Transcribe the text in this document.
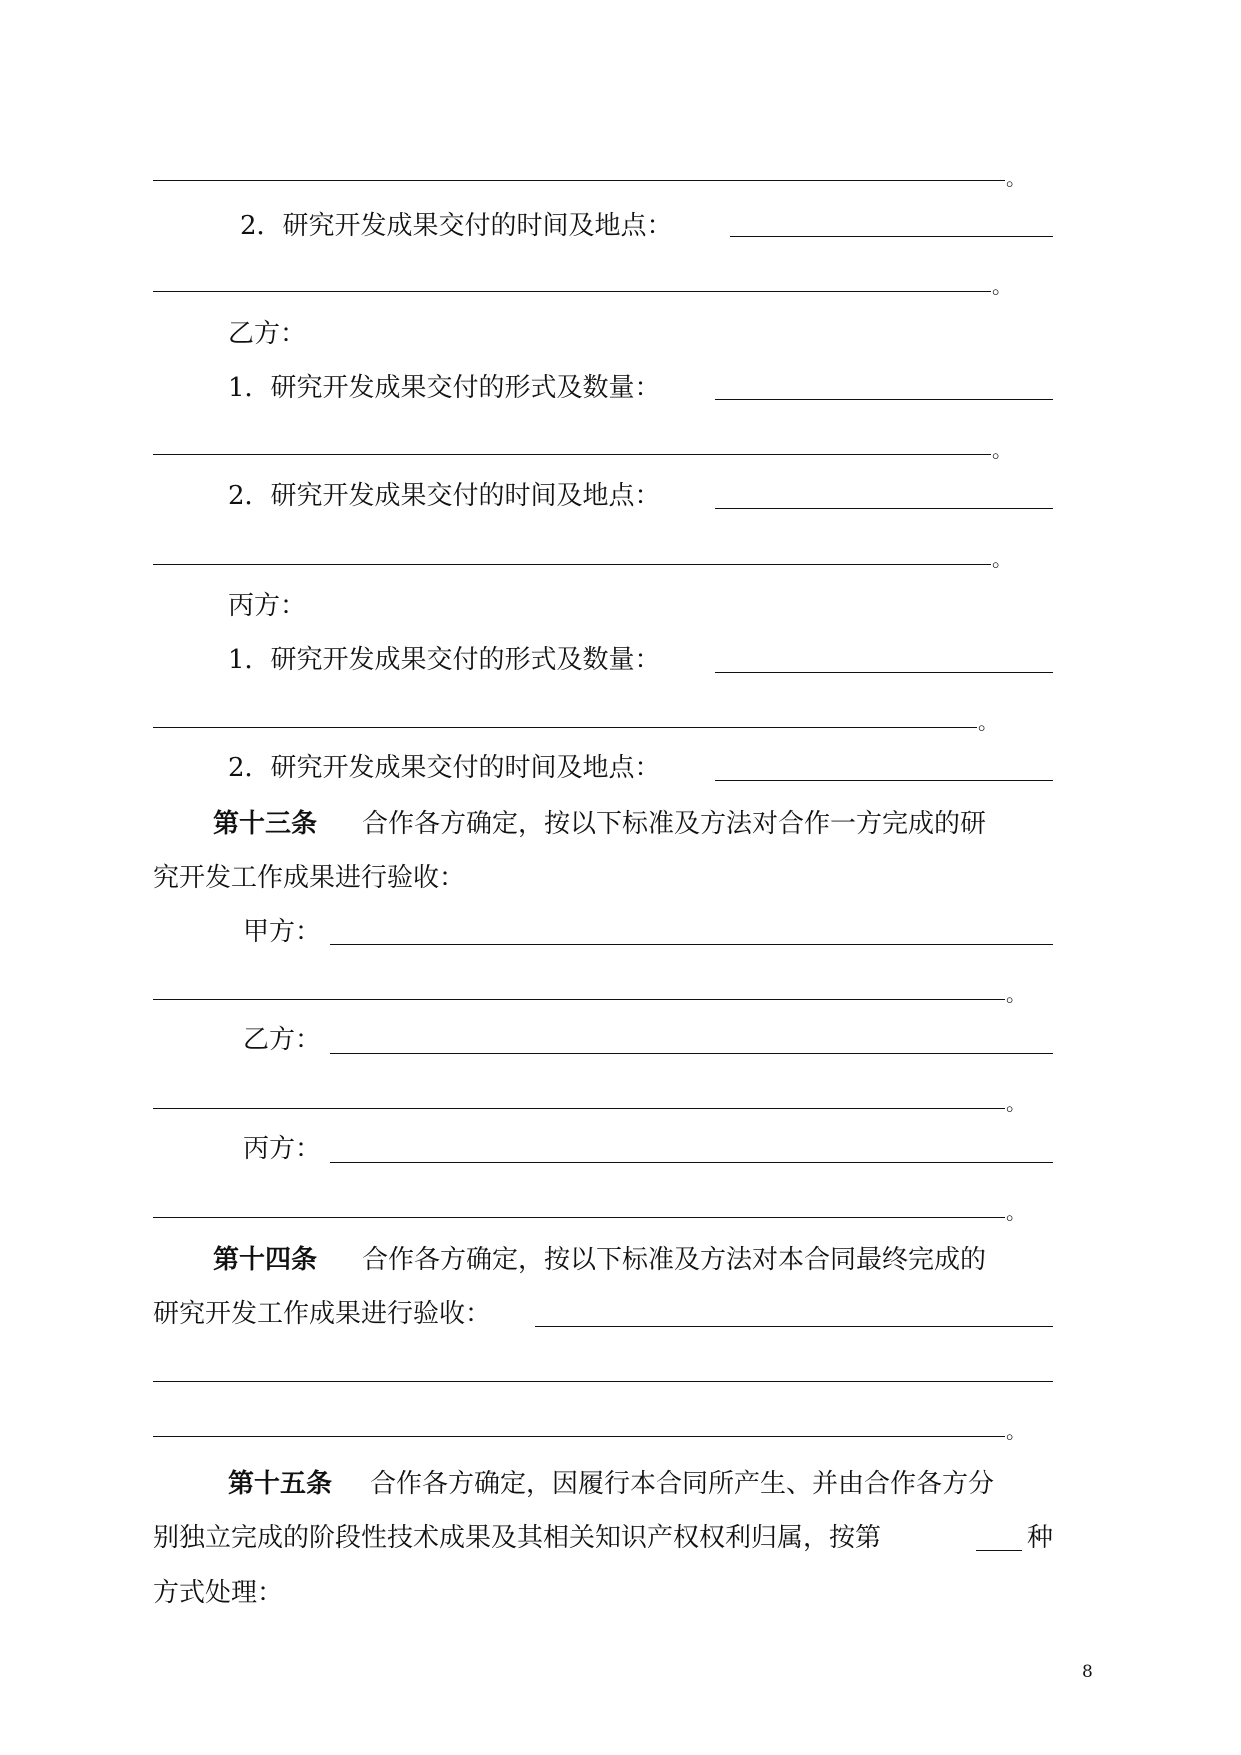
。
2．研究开发成果交付的时间及地点：
。
乙方：
1．研究开发成果交付的形式及数量：
。
2．研究开发成果交付的时间及地点：
。
丙方：
1．研究开发成果交付的形式及数量：
。
2．研究开发成果交付的时间及地点：
第十三条 合作各方确定，按以下标准及方法对合作一方完成的研
究开发工作成果进行验收：
甲方：
。
乙方：
。
丙方：
。
第十四条 合作各方确定，按以下标准及方法对本合同最终完成的
研究开发工作成果进行验收：
。
第十五条 合作各方确定，因履行本合同所产生、并由合作各方分
别独立完成的阶段性技术成果及其相关知识产权权利归属，按第	种
方式处理：
8
